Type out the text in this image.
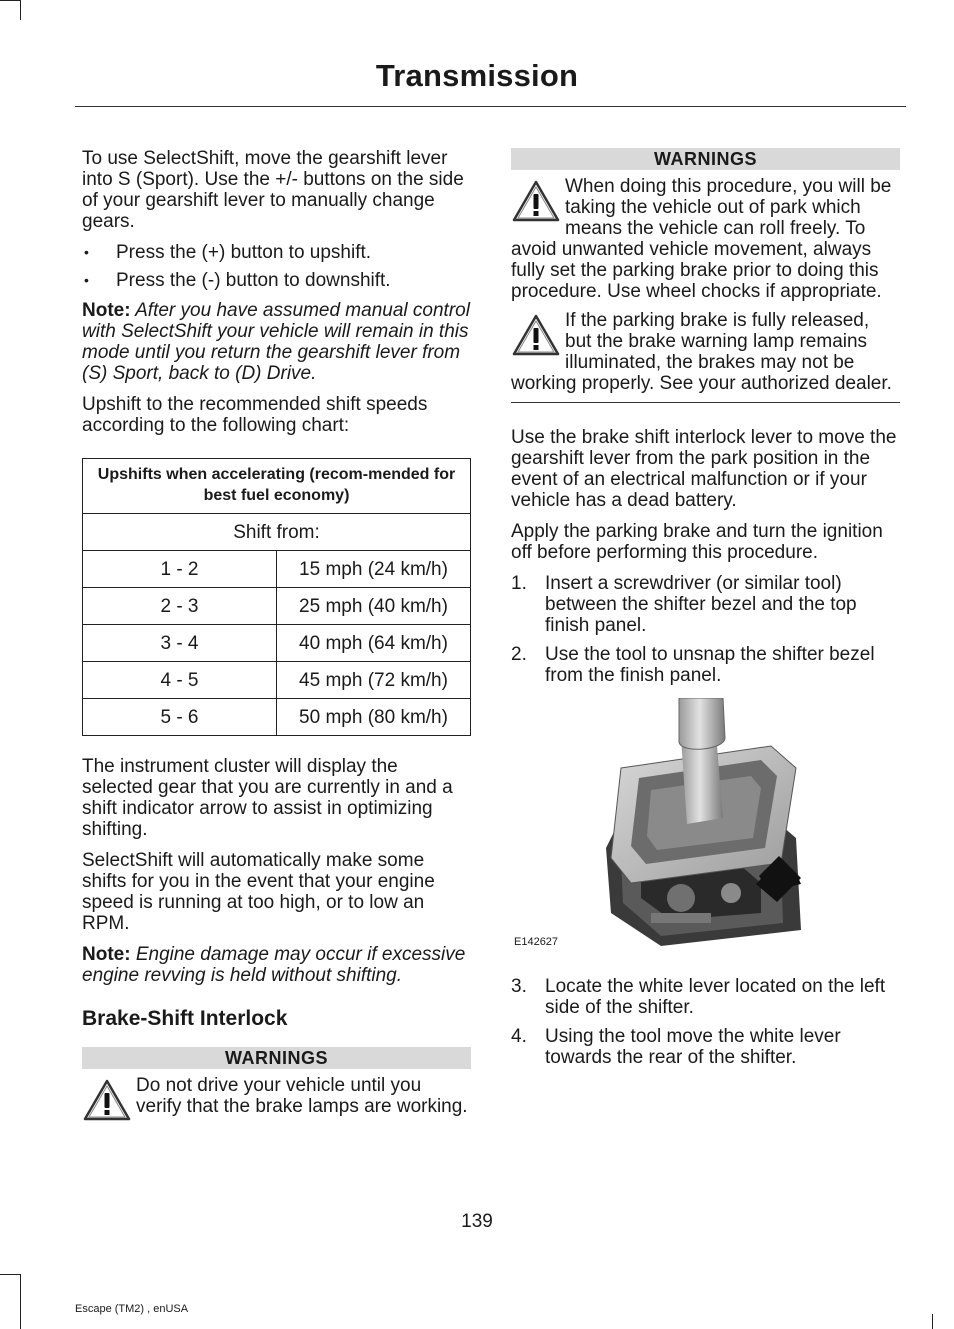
Transmission

To use SelectShift, move the gearshift lever into S (Sport). Use the +/- buttons on the side of your gearshift lever to manually change gears.

• Press the (+) button to upshift.
• Press the (-) button to downshift.

Note: After you have assumed manual control with SelectShift your vehicle will remain in this mode until you return the gearshift lever from (S) Sport, back to (D) Drive.

Upshift to the recommended shift speeds according to the following chart:

Upshifts when accelerating (recom-mended for best fuel economy)	
Shift from:	
1 - 2	15 mph (24 km/h)
2 - 3	25 mph (40 km/h)
3 - 4	40 mph (64 km/h)
4 - 5	45 mph (72 km/h)
5 - 6	50 mph (80 km/h)

The instrument cluster will display the selected gear that you are currently in and a shift indicator arrow to assist in optimizing shifting.

SelectShift will automatically make some shifts for you in the event that your engine speed is running at too high, or to low an RPM.

Note: Engine damage may occur if excessive engine revving is held without shifting.

Brake-Shift Interlock
WARNINGS
Do not drive your vehicle until you verify that the brake lamps are working.
WARNINGS
When doing this procedure, you will be taking the vehicle out of park which means the vehicle can roll freely. To avoid unwanted vehicle movement, always fully set the parking brake prior to doing this procedure. Use wheel chocks if appropriate.
If the parking brake is fully released, but the brake warning lamp remains illuminated, the brakes may not be working properly. See your authorized dealer.

Use the brake shift interlock lever to move the gearshift lever from the park position in the event of an electrical malfunction or if your vehicle has a dead battery.

Apply the parking brake and turn the ignition off before performing this procedure.

1. Insert a screwdriver (or similar tool) between the shifter bezel and the top finish panel.
2. Use the tool to unsnap the shifter bezel from the finish panel.
E142627
3. Locate the white lever located on the left side of the shifter.
4. Using the tool move the white lever towards the rear of the shifter.
139
Escape (TM2) , enUSA
